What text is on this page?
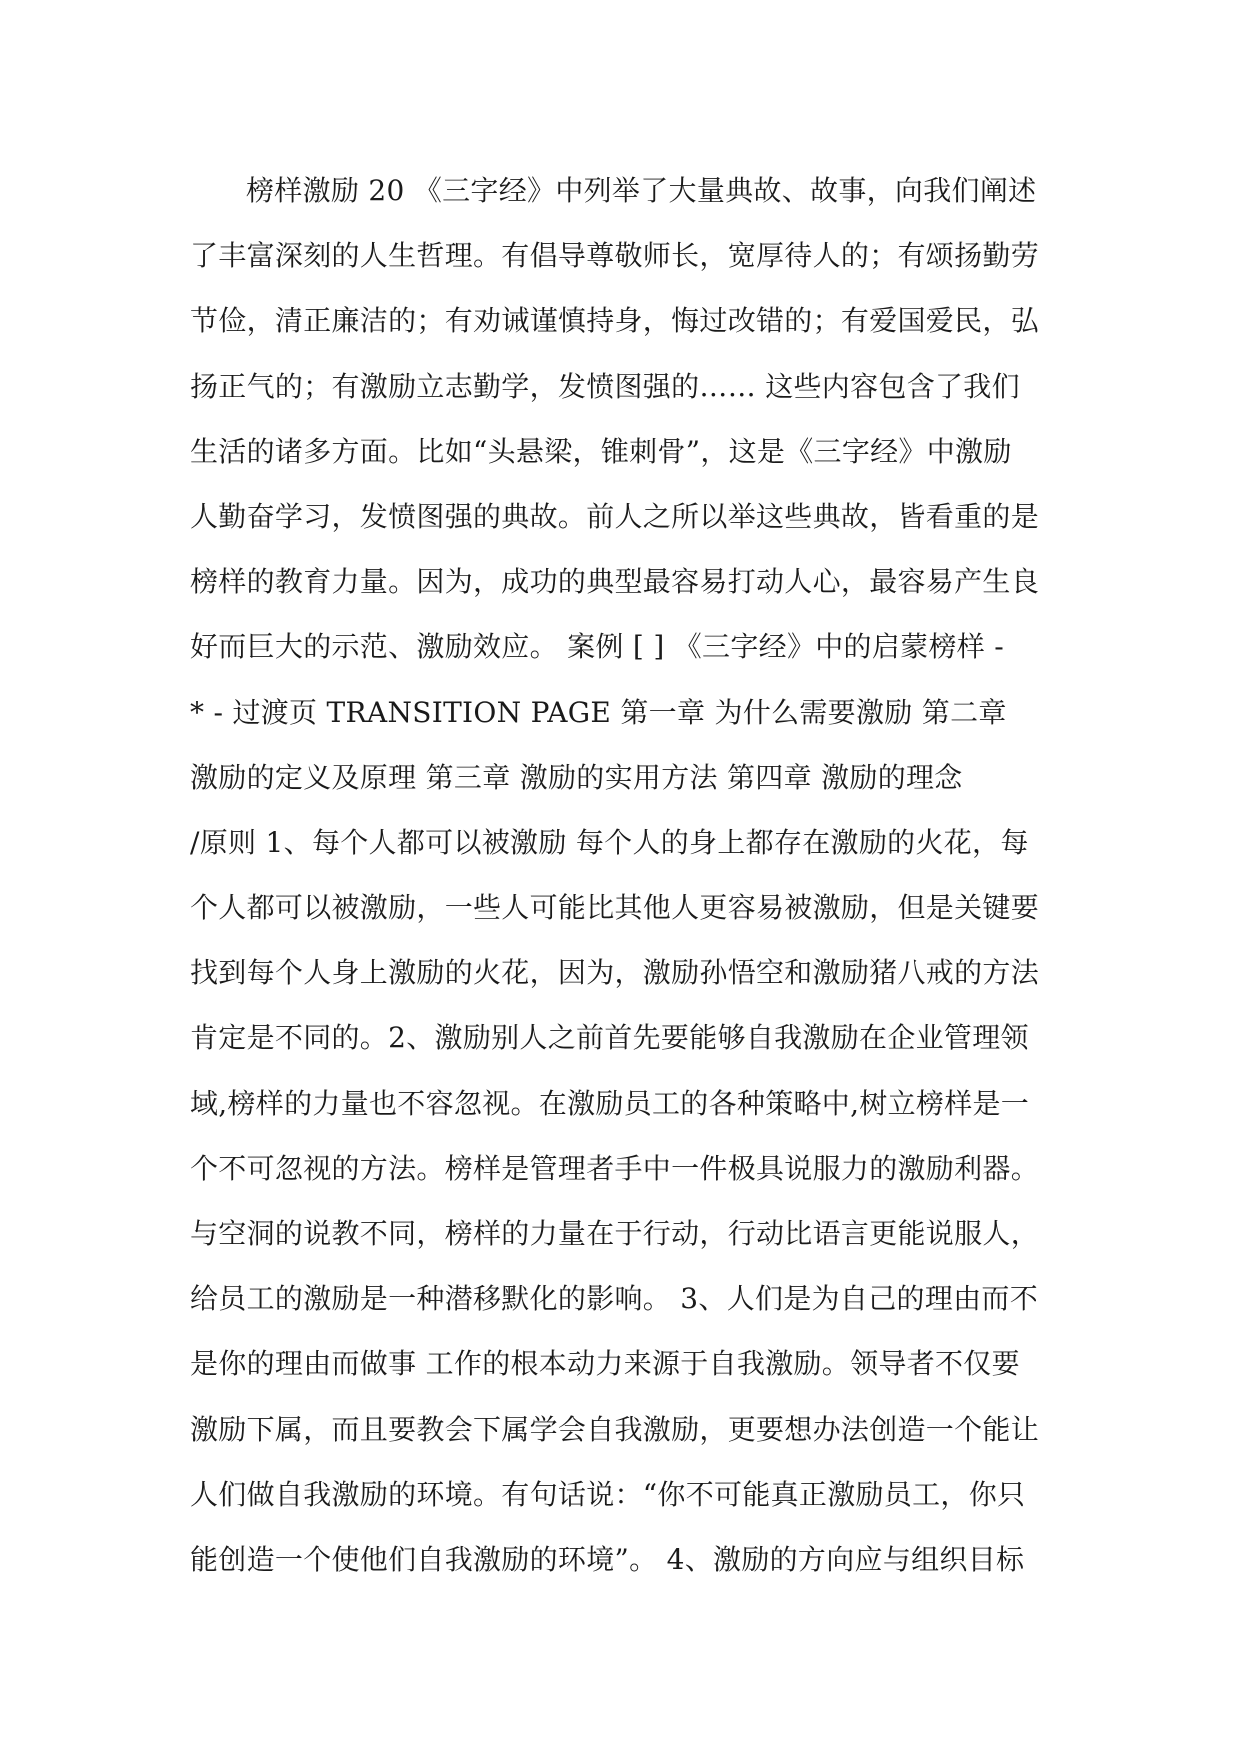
榜样激励 20 《三字经》中列举了大量典故、故事，向我们阐述
了丰富深刻的人生哲理。有倡导尊敬师长，宽厚待人的；有颂扬勤劳
节俭，清正廉洁的；有劝诫谨慎持身，悔过改错的；有爱国爱民，弘
扬正气的；有激励立志勤学，发愤图强的…… 这些内容包含了我们
生活的诸多方面。比如“头悬梁，锥刺骨”，这是《三字经》中激励
人勤奋学习，发愤图强的典故。前人之所以举这些典故，皆看重的是
榜样的教育力量。因为，成功的典型最容易打动人心，最容易产生良
好而巨大的示范、激励效应。 案例 [ ] 《三字经》中的启蒙榜样 -
* - 过渡页 TRANSITION PAGE 第一章 为什么需要激励 第二章
激励的定义及原理 第三章 激励的实用方法 第四章 激励的理念
/原则 1、每个人都可以被激励 每个人的身上都存在激励的火花，每
个人都可以被激励，一些人可能比其他人更容易被激励，但是关键要
找到每个人身上激励的火花，因为，激励孙悟空和激励猪八戒的方法
肯定是不同的。2、激励别人之前首先要能够自我激励在企业管理领
域,榜样的力量也不容忽视。在激励员工的各种策略中,树立榜样是一
个不可忽视的方法。榜样是管理者手中一件极具说服力的激励利器。
与空洞的说教不同，榜样的力量在于行动，行动比语言更能说服人，
给员工的激励是一种潜移默化的影响。 3、人们是为自己的理由而不
是你的理由而做事 工作的根本动力来源于自我激励。领导者不仅要
激励下属，而且要教会下属学会自我激励，更要想办法创造一个能让
人们做自我激励的环境。有句话说：“你不可能真正激励员工，你只
能创造一个使他们自我激励的环境”。 4、激励的方向应与组织目标
